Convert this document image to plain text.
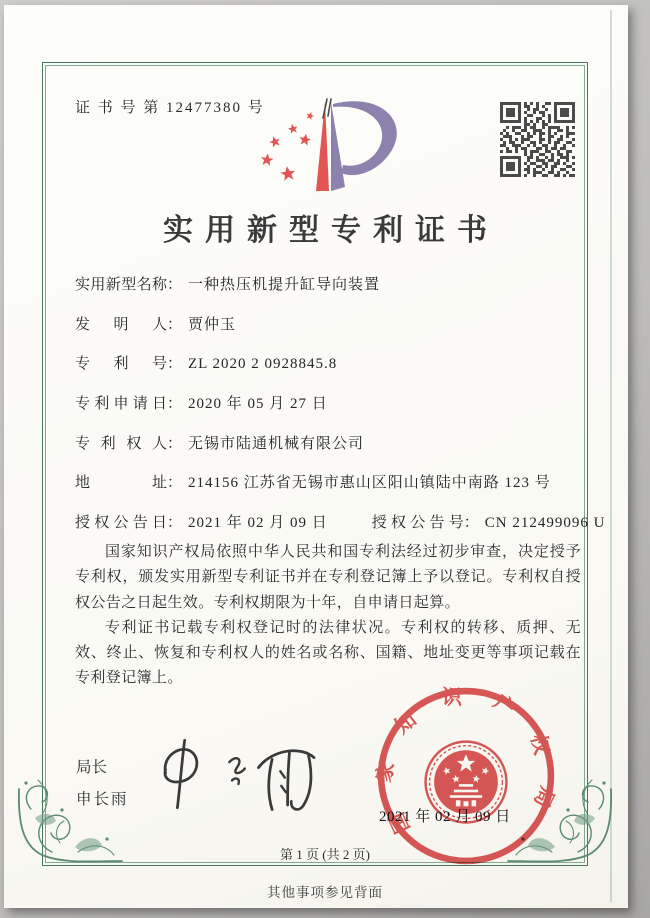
证 书 号 第 12477380 号
实用新型专利证书
实用新型名称： 一种热压机提升缸导向装置
发明人： 贾仲玉
专利号： ZL 2020 2 0928845.8
专利申请日： 2020 年 05 月 27 日
专利权人： 无锡市陆通机械有限公司
地址： 214156 江苏省无锡市惠山区阳山镇陆中南路 123 号
授权公告日： 2021 年 02 月 09 日	授权公告号： CN 212499096 U

国家知识产权局依照中华人民共和国专利法经过初步审查，决定授予专利权，颁发实用新型专利证书并在专利登记簿上予以登记。专利权自授权公告之日起生效。专利权期限为十年，自申请日起算。

专利证书记载专利权登记时的法律状况。专利权的转移、质押、无效、终止、恢复和专利权人的姓名或名称、国籍、地址变更等事项记载在专利登记簿上。

局长
申长雨	国家知识产权局
2021 年 02 月 09 日
第 1 页 (共 2 页)
其他事项参见背面
